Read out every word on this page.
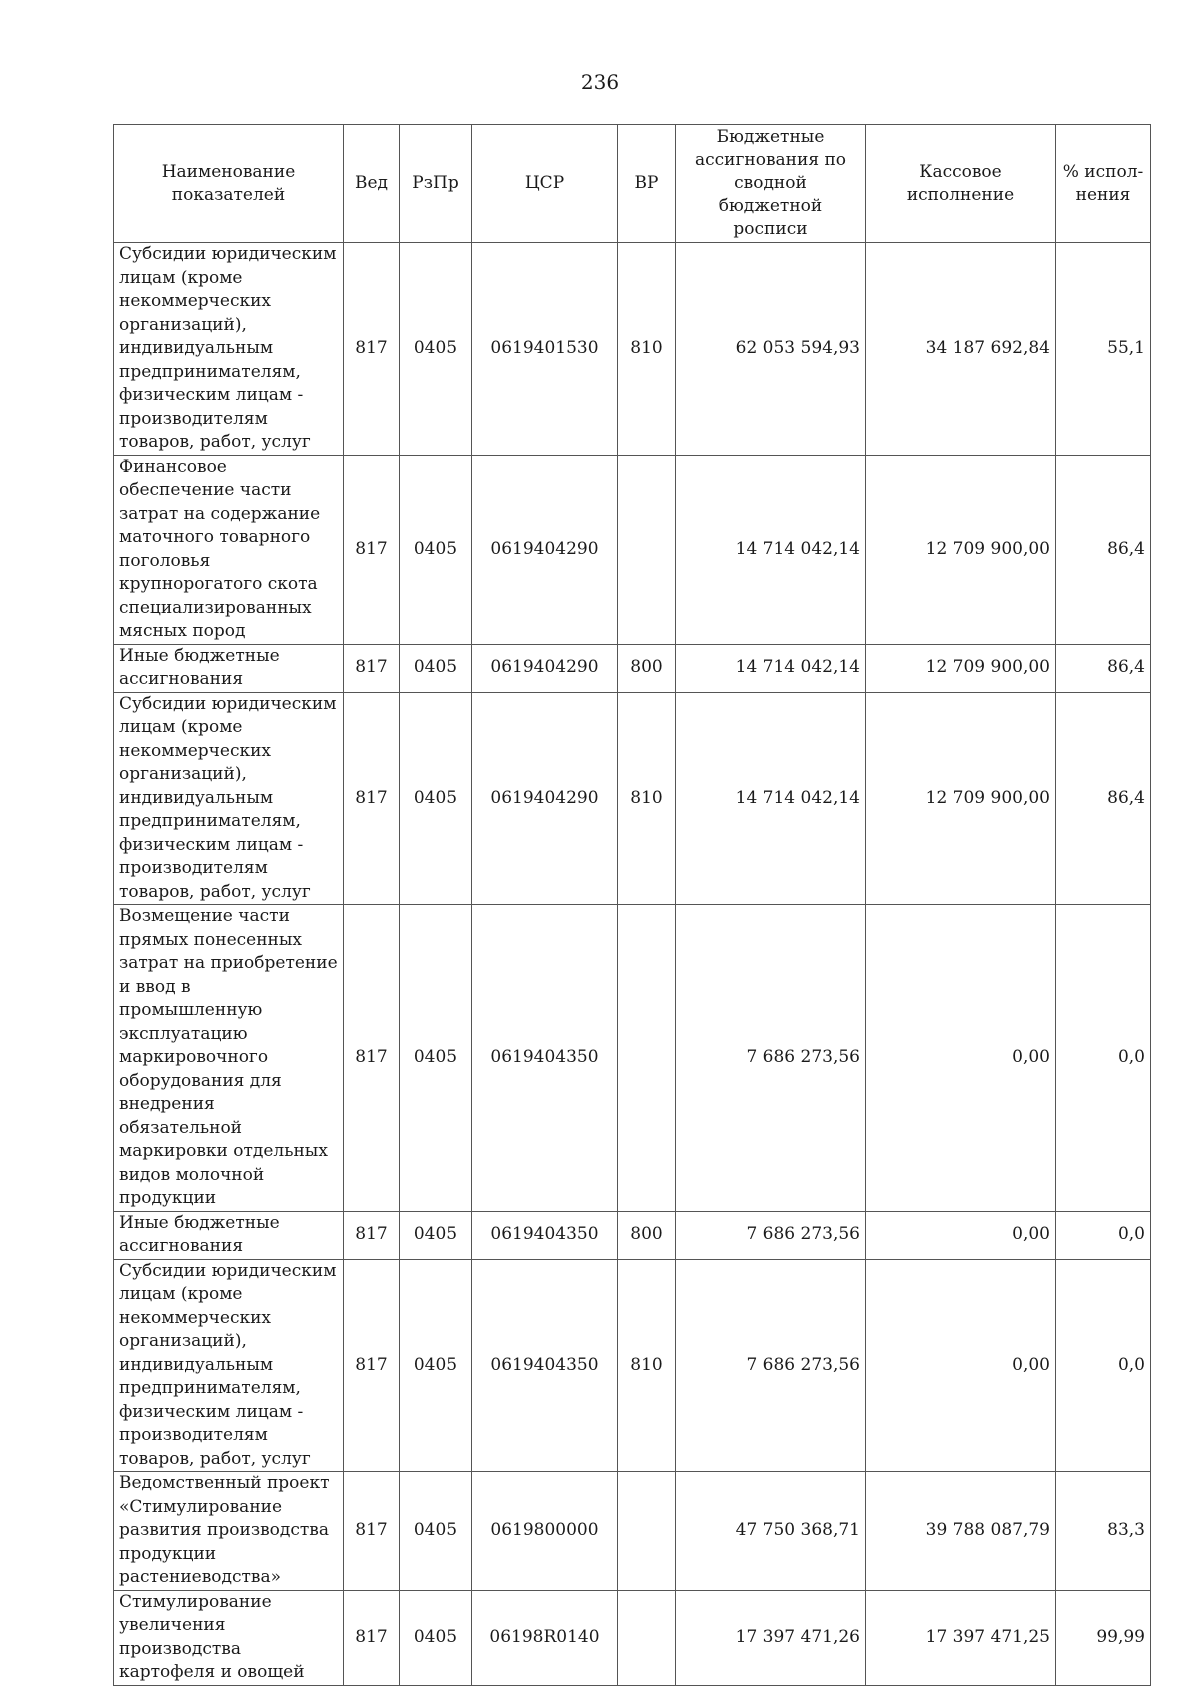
236
Наименование показателей	Вед	РзПр	ЦСР	ВР	Бюджетные ассигнования по сводной бюджетной росписи	Кассовое исполнение	% испол-нения
Субсидии юридическим лицам (кроме некоммерческих организаций), индивидуальным предпринимателям, физическим лицам - производителям товаров, работ, услуг	817	0405	0619401530	810	62 053 594,93	34 187 692,84	55,1
Финансовое обеспечение части затрат на содержание маточного товарного поголовья крупнорогатого скота специализированных мясных пород	817	0405	0619404290		14 714 042,14	12 709 900,00	86,4
Иные бюджетные ассигнования	817	0405	0619404290	800	14 714 042,14	12 709 900,00	86,4
Субсидии юридическим лицам (кроме некоммерческих организаций), индивидуальным предпринимателям, физическим лицам - производителям товаров, работ, услуг	817	0405	0619404290	810	14 714 042,14	12 709 900,00	86,4
Возмещение части прямых понесенных затрат на приобретение и ввод в промышленную эксплуатацию маркировочного оборудования для внедрения обязательной маркировки отдельных видов молочной продукции	817	0405	0619404350		7 686 273,56	0,00	0,0
Иные бюджетные ассигнования	817	0405	0619404350	800	7 686 273,56	0,00	0,0
Субсидии юридическим лицам (кроме некоммерческих организаций), индивидуальным предпринимателям, физическим лицам - производителям товаров, работ, услуг	817	0405	0619404350	810	7 686 273,56	0,00	0,0
Ведомственный проект «Стимулирование развития производства продукции растениеводства»	817	0405	0619800000		47 750 368,71	39 788 087,79	83,3
Стимулирование увеличения производства картофеля и овощей	817	0405	06198R0140		17 397 471,26	17 397 471,25	99,99
